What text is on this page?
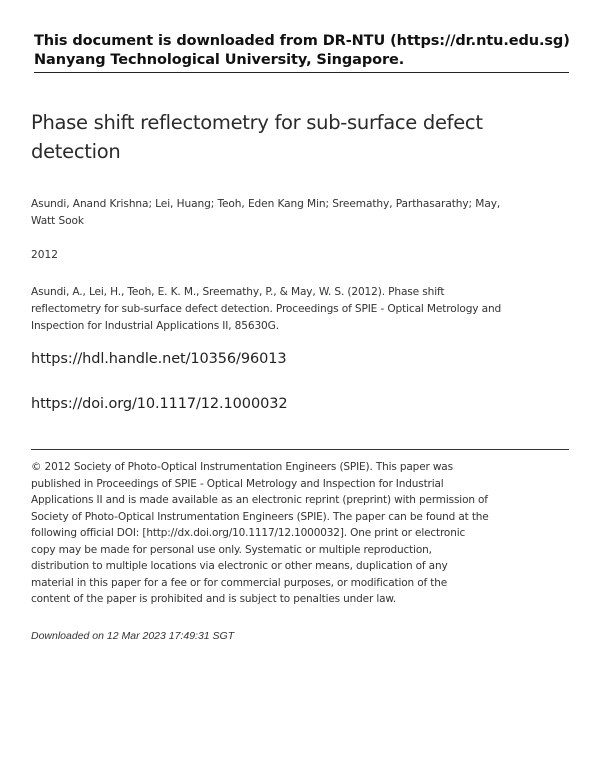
This document is downloaded from DR-NTU (https://dr.ntu.edu.sg)
Nanyang Technological University, Singapore.
Phase shift reflectometry for sub-surface defect detection
Asundi, Anand Krishna; Lei, Huang; Teoh, Eden Kang Min; Sreemathy, Parthasarathy; May, Watt Sook
2012
Asundi, A., Lei, H., Teoh, E. K. M., Sreemathy, P., & May, W. S. (2012). Phase shift reflectometry for sub-surface defect detection. Proceedings of SPIE - Optical Metrology and Inspection for Industrial Applications II, 85630G.
https://hdl.handle.net/10356/96013
https://doi.org/10.1117/12.1000032
© 2012 Society of Photo-Optical Instrumentation Engineers (SPIE). This paper was published in Proceedings of SPIE - Optical Metrology and Inspection for Industrial Applications II and is made available as an electronic reprint (preprint) with permission of Society of Photo-Optical Instrumentation Engineers (SPIE). The paper can be found at the following official DOI: [http://dx.doi.org/10.1117/12.1000032]. One print or electronic copy may be made for personal use only. Systematic or multiple reproduction, distribution to multiple locations via electronic or other means, duplication of any material in this paper for a fee or for commercial purposes, or modification of the content of the paper is prohibited and is subject to penalties under law.
Downloaded on 12 Mar 2023 17:49:31 SGT
